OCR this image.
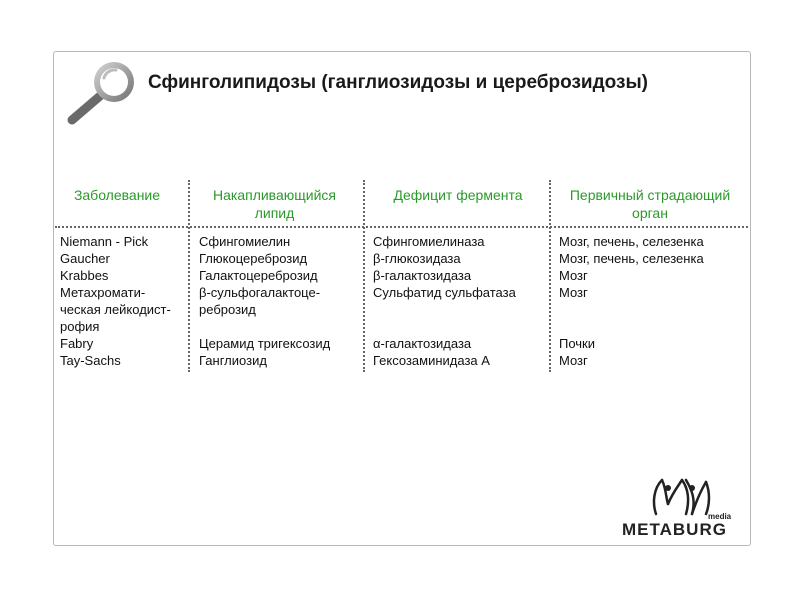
Сфинголипидозы (ганглиозидозы и цереброзидозы)
Заболевание	Накапливающийся
липид
Дефицит фермента	Первичный страдающий
орган
Niemann - Pick
Gaucher
Krabbes
Метахромати-
ческая лейкодист-
рофия
Fabry
Tay-Sachs
Сфингомиелин
Глюкоцереброзид
Галактоцереброзид
β-сульфогалактоце-
реброзид
Церамид тригексозид
Ганглиозид
Сфингомиелиназа
β-глюкозидаза
β-галактозидаза
Сульфатид сульфатаза
α-галактозидаза
Гексозаминидаза А
Мозг, печень, селезенка
Мозг, печень, селезенка
Мозг
Мозг
Почки
Мозг
media
METABURG
